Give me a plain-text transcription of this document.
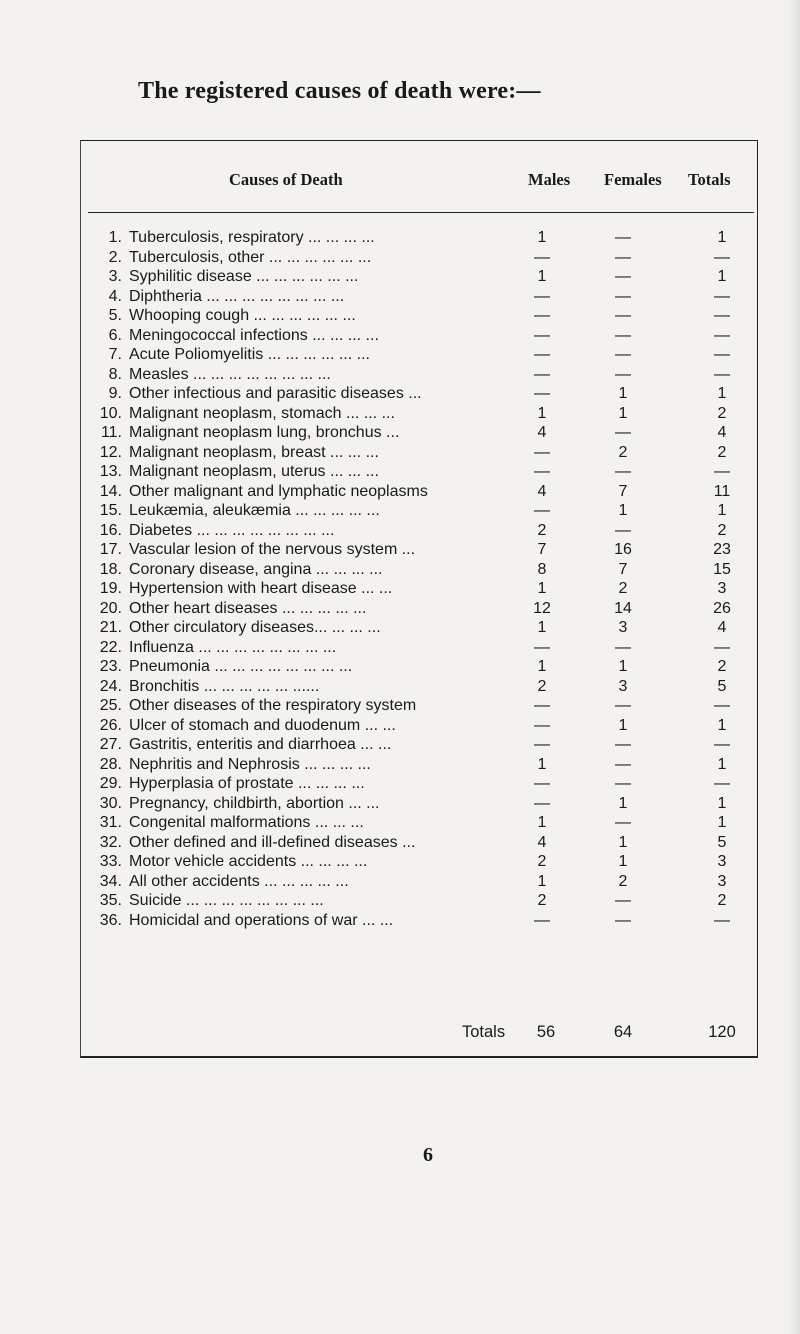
The registered causes of death were:—
Causes of Death	Males Females Totals
1. Tuberculosis, respiratory ... ... ... ...	1	—	1
2. Tuberculosis, other ... ... ... ... ... ...	—	—	—
3. Syphilitic disease ... ... ... ... ... ...	1	—	1
4. Diphtheria ... ... ... ... ... ... ... ...	—	—	—
5. Whooping cough ... ... ... ... ... ...	—	—	—
6. Meningococcal infections ... ... ... ...	—	—	—
7. Acute Poliomyelitis ... ... ... ... ... ...	—	—	—
8. Measles ... ... ... ... ... ... ... ...	—	—	—
9. Other infectious and parasitic diseases ...	—	1	1
10. Malignant neoplasm, stomach ... ... ...	1	1	2
11. Malignant neoplasm lung, bronchus ...	4	—	4
12. Malignant neoplasm, breast ... ... ...	—	2	2
13. Malignant neoplasm, uterus ... ... ...	—	—	—
14. Other malignant and lymphatic neoplasms	4	7	11
15. Leukæmia, aleukæmia ... ... ... ... ...	—	1	1
16. Diabetes ... ... ... ... ... ... ... ...	2	—	2
17. Vascular lesion of the nervous system ...	7	16	23
18. Coronary disease, angina ... ... ... ...	8	7	15
19. Hypertension with heart disease ... ...	1	2	3
20. Other heart diseases ... ... ... ... ...	12	14	26
21. Other circulatory diseases... ... ... ...	1	3	4
22. Influenza ... ... ... ... ... ... ... ...	—	—	—
23. Pneumonia ... ... ... ... ... ... ... ...	1	1	2
24. Bronchitis ... ... ... ... ... ......	2	3	5
25. Other diseases of the respiratory system	—	—	—
26. Ulcer of stomach and duodenum ... ...	—	1	1
27. Gastritis, enteritis and diarrhoea ... ...	—	—	—
28. Nephritis and Nephrosis ... ... ... ...	1	—	1
29. Hyperplasia of prostate ... ... ... ...	—	—	—
30. Pregnancy, childbirth, abortion ... ...	—	1	1
31. Congenital malformations ... ... ...	1	—	1
32. Other defined and ill-defined diseases ...	4	1	5
33. Motor vehicle accidents ... ... ... ...	2	1	3
34. All other accidents ... ... ... ... ...	1	2	3
35. Suicide ... ... ... ... ... ... ... ...	2	—	2
36. Homicidal and operations of war ... ...	—	—	—
Totals	56	64	120
6
